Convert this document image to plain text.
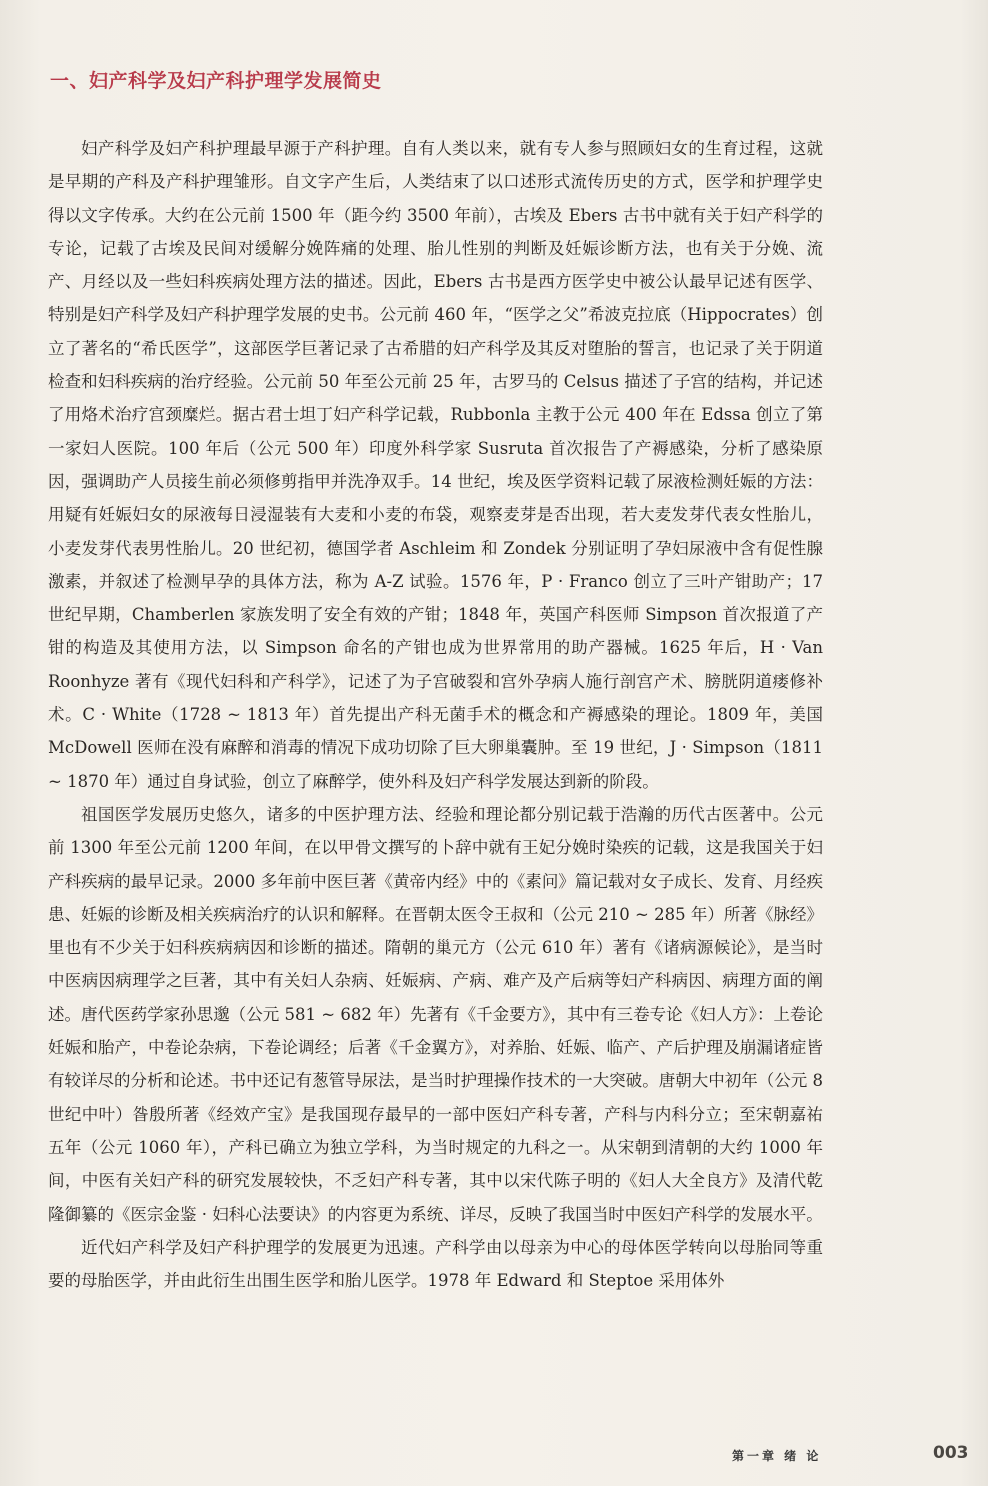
一、妇产科学及妇产科护理学发展简史

妇产科学及妇产科护理最早源于产科护理。自有人类以来，就有专人参与照顾妇女的生育过程，这就是早期的产科及产科护理雏形。自文字产生后，人类结束了以口述形式流传历史的方式，医学和护理学史得以文字传承。大约在公元前 1500 年（距今约 3500 年前），古埃及 Ebers 古书中就有关于妇产科学的专论，记载了古埃及民间对缓解分娩阵痛的处理、胎儿性别的判断及妊娠诊断方法，也有关于分娩、流产、月经以及一些妇科疾病处理方法的描述。因此，Ebers 古书是西方医学史中被公认最早记述有医学、特别是妇产科学及妇产科护理学发展的史书。公元前 460 年，“医学之父”希波克拉底（Hippocrates）创立了著名的“希氏医学”，这部医学巨著记录了古希腊的妇产科学及其反对堕胎的誓言，也记录了关于阴道检查和妇科疾病的治疗经验。公元前 50 年至公元前 25 年，古罗马的 Celsus 描述了子宫的结构，并记述了用烙术治疗宫颈糜烂。据古君士坦丁妇产科学记载，Rubbonla 主教于公元 400 年在 Edssa 创立了第一家妇人医院。100 年后（公元 500 年）印度外科学家 Susruta 首次报告了产褥感染，分析了感染原因，强调助产人员接生前必须修剪指甲并洗净双手。14 世纪，埃及医学资料记载了尿液检测妊娠的方法：用疑有妊娠妇女的尿液每日浸湿装有大麦和小麦的布袋，观察麦芽是否出现，若大麦发芽代表女性胎儿，小麦发芽代表男性胎儿。20 世纪初，德国学者 Aschleim 和 Zondek 分别证明了孕妇尿液中含有促性腺激素，并叙述了检测早孕的具体方法，称为 A-Z 试验。1576 年，P · Franco 创立了三叶产钳助产；17 世纪早期，Chamberlen 家族发明了安全有效的产钳；1848 年，英国产科医师 Simpson 首次报道了产钳的构造及其使用方法，以 Simpson 命名的产钳也成为世界常用的助产器械。1625 年后，H · Van Roonhyze 著有《现代妇科和产科学》，记述了为子宫破裂和宫外孕病人施行剖宫产术、膀胱阴道瘘修补术。C · White（1728 ~ 1813 年）首先提出产科无菌手术的概念和产褥感染的理论。1809 年，美国 McDowell 医师在没有麻醉和消毒的情况下成功切除了巨大卵巢囊肿。至 19 世纪，J · Simpson（1811 ~ 1870 年）通过自身试验，创立了麻醉学，使外科及妇产科学发展达到新的阶段。

祖国医学发展历史悠久，诸多的中医护理方法、经验和理论都分别记载于浩瀚的历代古医著中。公元前 1300 年至公元前 1200 年间，在以甲骨文撰写的卜辞中就有王妃分娩时染疾的记载，这是我国关于妇产科疾病的最早记录。2000 多年前中医巨著《黄帝内经》中的《素问》篇记载对女子成长、发育、月经疾患、妊娠的诊断及相关疾病治疗的认识和解释。在晋朝太医令王叔和（公元 210 ~ 285 年）所著《脉经》里也有不少关于妇科疾病病因和诊断的描述。隋朝的巢元方（公元 610 年）著有《诸病源候论》，是当时中医病因病理学之巨著，其中有关妇人杂病、妊娠病、产病、难产及产后病等妇产科病因、病理方面的阐述。唐代医药学家孙思邈（公元 581 ~ 682 年）先著有《千金要方》，其中有三卷专论《妇人方》：上卷论妊娠和胎产，中卷论杂病，下卷论调经；后著《千金翼方》，对养胎、妊娠、临产、产后护理及崩漏诸症皆有较详尽的分析和论述。书中还记有葱管导尿法，是当时护理操作技术的一大突破。唐朝大中初年（公元 8 世纪中叶）昝殷所著《经效产宝》是我国现存最早的一部中医妇产科专著，产科与内科分立；至宋朝嘉祐五年（公元 1060 年），产科已确立为独立学科，为当时规定的九科之一。从宋朝到清朝的大约 1000 年间，中医有关妇产科的研究发展较快，不乏妇产科专著，其中以宋代陈子明的《妇人大全良方》及清代乾隆御纂的《医宗金鉴 · 妇科心法要诀》的内容更为系统、详尽，反映了我国当时中医妇产科学的发展水平。

近代妇产科学及妇产科护理学的发展更为迅速。产科学由以母亲为中心的母体医学转向以母胎同等重要的母胎医学，并由此衍生出围生医学和胎儿医学。1978 年 Edward 和 Steptoe 采用体外

第一章 绪 论	003
